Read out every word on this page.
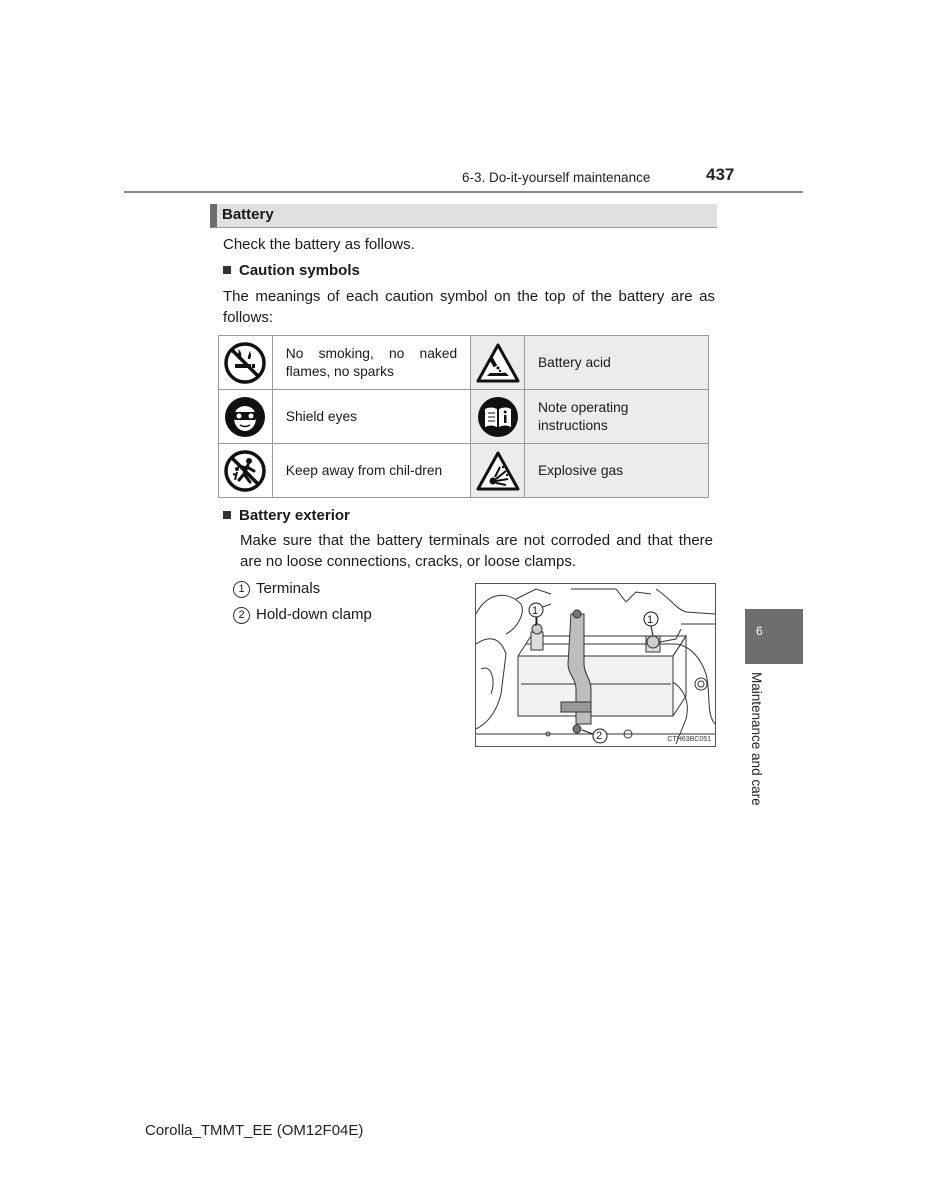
6-3. Do-it-yourself maintenance	437
Battery
Check the battery as follows.
Caution symbols
The meanings of each caution symbol on the top of the battery are as follows:
	No smoking, no naked flames, no sparks		Battery acid

	Shield eyes		Note operating instructions

	Keep away from chil-dren		Explosive gas
Battery exterior
Make sure that the battery terminals are not corroded and that there are no loose connections, cracks, or loose clamps.
1 Terminals
2 Hold-down clamp	1
1
2	CTH63BC051
6
Maintenance and care
Corolla_TMMT_EE (OM12F04E)
